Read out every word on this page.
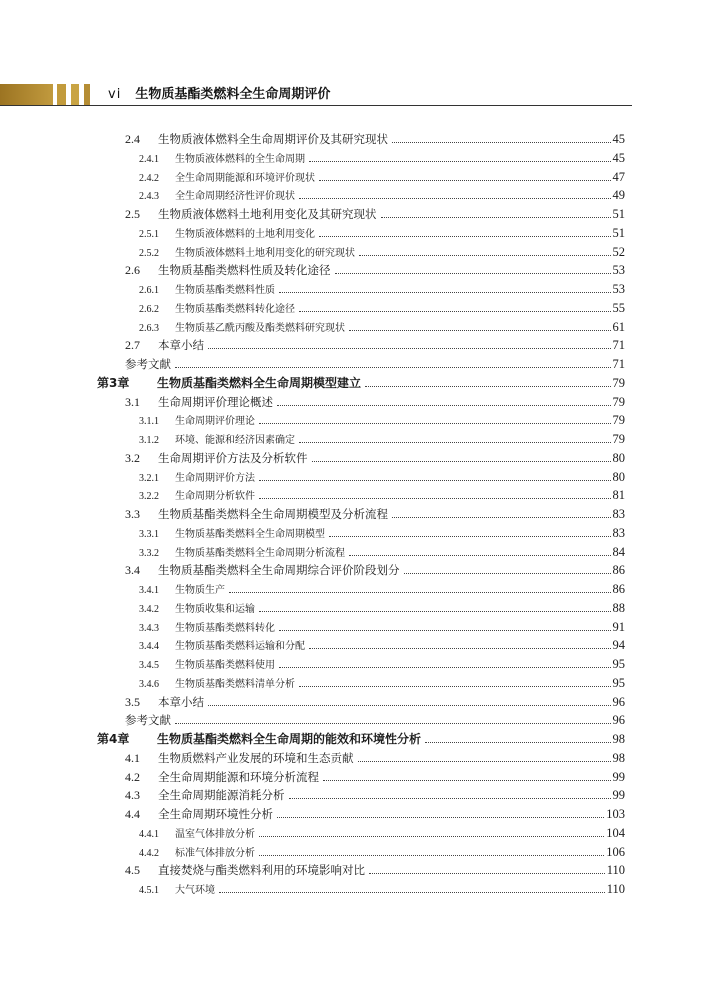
vi 生物质基酯类燃料全生命周期评价
2.4	生物质液体燃料全生命周期评价及其研究现状	45
2.4.1	生物质液体燃料的全生命周期	45
2.4.2	全生命周期能源和环境评价现状	47
2.4.3	全生命周期经济性评价现状	49
2.5	生物质液体燃料土地利用变化及其研究现状	51
2.5.1	生物质液体燃料的土地利用变化	51
2.5.2	生物质液体燃料土地利用变化的研究现状	52
2.6	生物质基酯类燃料性质及转化途径	53
2.6.1	生物质基酯类燃料性质	53
2.6.2	生物质基酯类燃料转化途径	55
2.6.3	生物质基乙酰丙酸及酯类燃料研究现状	61
2.7	本章小结	71
参考文献	71
第3章	生物质基酯类燃料全生命周期模型建立	79
3.1	生命周期评价理论概述	79
3.1.1	生命周期评价理论	79
3.1.2	环境、能源和经济因素确定	79
3.2	生命周期评价方法及分析软件	80
3.2.1	生命周期评价方法	80
3.2.2	生命周期分析软件	81
3.3	生物质基酯类燃料全生命周期模型及分析流程	83
3.3.1	生物质基酯类燃料全生命周期模型	83
3.3.2	生物质基酯类燃料全生命周期分析流程	84
3.4	生物质基酯类燃料全生命周期综合评价阶段划分	86
3.4.1	生物质生产	86
3.4.2	生物质收集和运输	88
3.4.3	生物质基酯类燃料转化	91
3.4.4	生物质基酯类燃料运输和分配	94
3.4.5	生物质基酯类燃料使用	95
3.4.6	生物质基酯类燃料清单分析	95
3.5	本章小结	96
参考文献	96
第4章	生物质基酯类燃料全生命周期的能效和环境性分析	98
4.1	生物质燃料产业发展的环境和生态贡献	98
4.2	全生命周期能源和环境分析流程	99
4.3	全生命周期能源消耗分析	99
4.4	全生命周期环境性分析	103
4.4.1	温室气体排放分析	104
4.4.2	标准气体排放分析	106
4.5	直接焚烧与酯类燃料利用的环境影响对比	110
4.5.1	大气环境	110
